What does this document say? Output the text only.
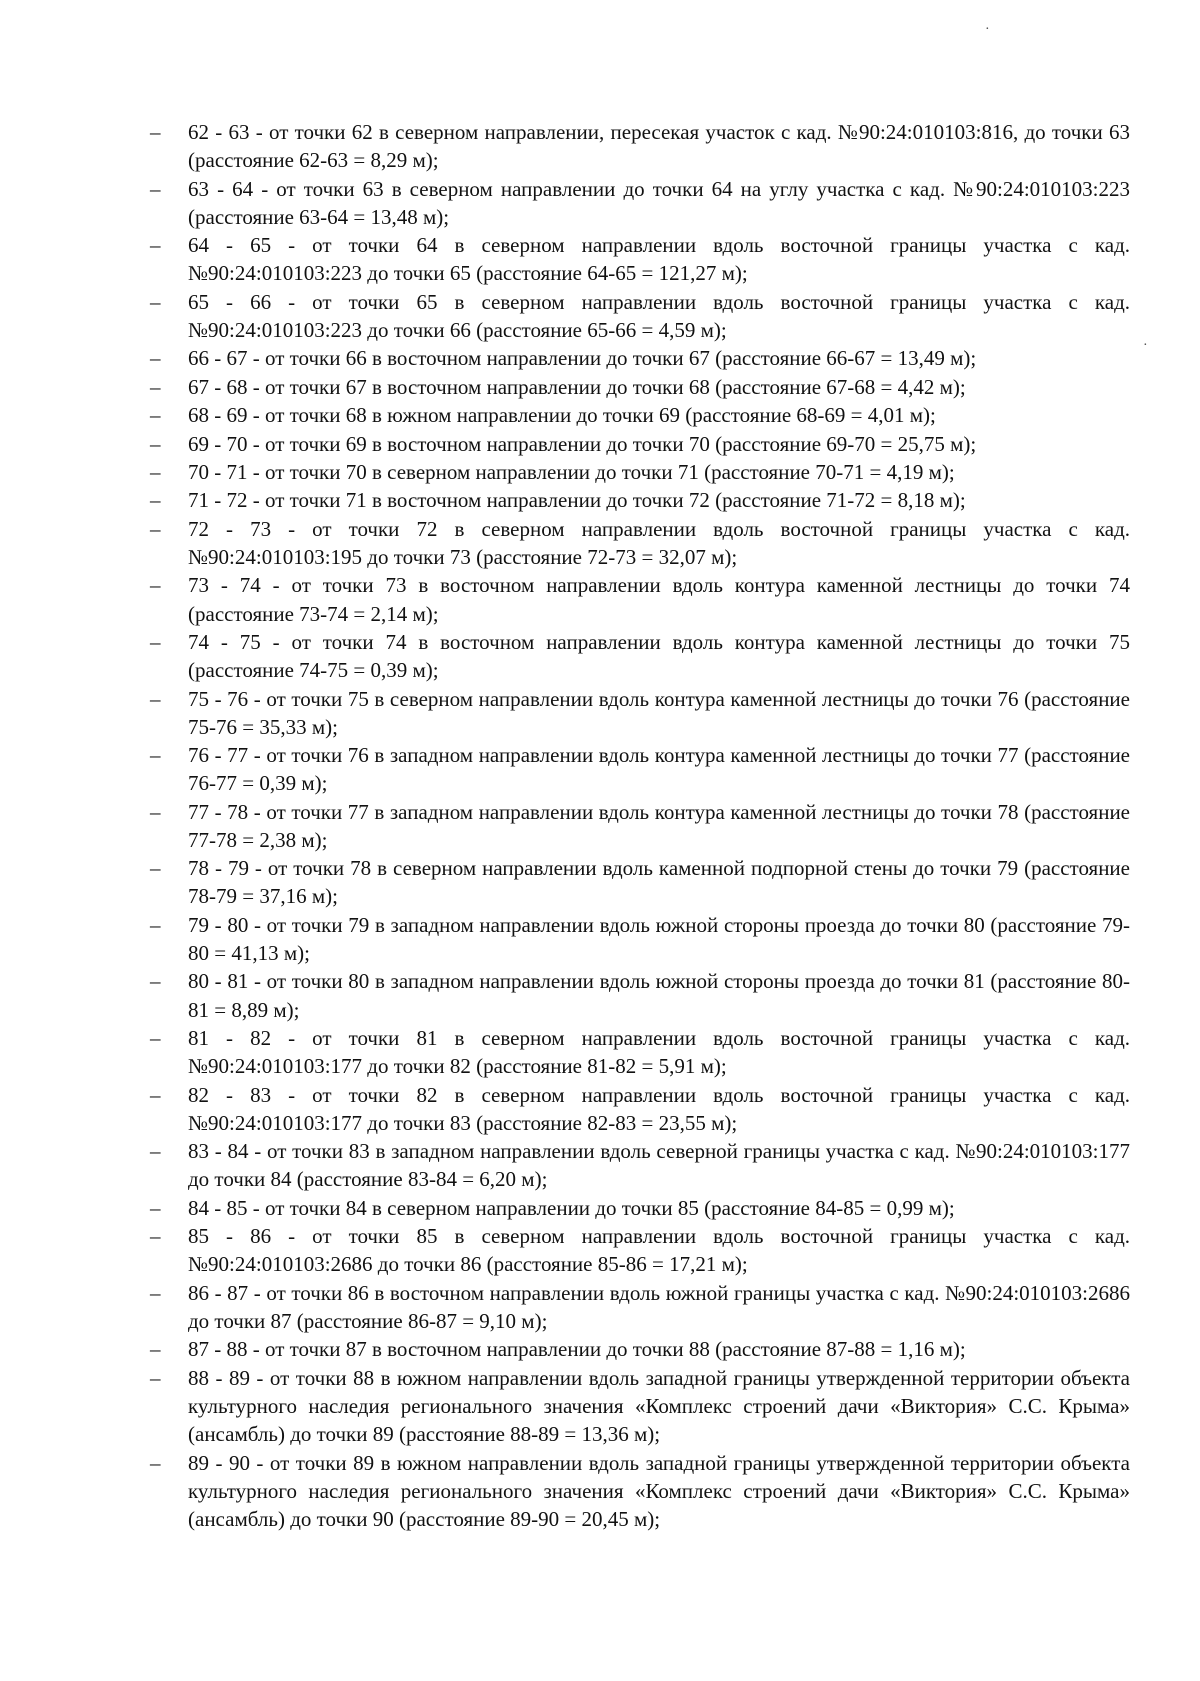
·
·
–	62 - 63 - от точки 62 в северном направлении, пересекая участок с кад. №90:24:010103:816, до точки 63 (расстояние 62-63 = 8,29 м);
–	63 - 64 - от точки 63 в северном направлении до точки 64 на углу участка с кад. №90:24:010103:223 (расстояние 63-64 = 13,48 м);
–	64 - 65 - от точки 64 в северном направлении вдоль восточной границы участка с кад. №90:24:010103:223 до точки 65 (расстояние 64-65 = 121,27 м);
–	65 - 66 - от точки 65 в северном направлении вдоль восточной границы участка с кад. №90:24:010103:223 до точки 66 (расстояние 65-66 = 4,59 м);
–	66 - 67 - от точки 66 в восточном направлении до точки 67 (расстояние 66-67 = 13,49 м);
–	67 - 68 - от точки 67 в восточном направлении до точки 68 (расстояние 67-68 = 4,42 м);
–	68 - 69 - от точки 68 в южном направлении до точки 69 (расстояние 68-69 = 4,01 м);
–	69 - 70 - от точки 69 в восточном направлении до точки 70 (расстояние 69-70 = 25,75 м);
–	70 - 71 - от точки 70 в северном направлении до точки 71 (расстояние 70-71 = 4,19 м);
–	71 - 72 - от точки 71 в восточном направлении до точки 72 (расстояние 71-72 = 8,18 м);
–	72 - 73 - от точки 72 в северном направлении вдоль восточной границы участка с кад. №90:24:010103:195 до точки 73 (расстояние 72-73 = 32,07 м);
–	73 - 74 - от точки 73 в восточном направлении вдоль контура каменной лестницы до точки 74 (расстояние 73-74 = 2,14 м);
–	74 - 75 - от точки 74 в восточном направлении вдоль контура каменной лестницы до точки 75 (расстояние 74-75 = 0,39 м);
–	75 - 76 - от точки 75 в северном направлении вдоль контура каменной лестницы до точки 76 (расстояние 75-76 = 35,33 м);
–	76 - 77 - от точки 76 в западном направлении вдоль контура каменной лестницы до точки 77 (расстояние 76-77 = 0,39 м);
–	77 - 78 - от точки 77 в западном направлении вдоль контура каменной лестницы до точки 78 (расстояние 77-78 = 2,38 м);
–	78 - 79 - от точки 78 в северном направлении вдоль каменной подпорной стены до точки 79 (расстояние 78-79 = 37,16 м);
–	79 - 80 - от точки 79 в западном направлении вдоль южной стороны проезда до точки 80 (расстояние 79-80 = 41,13 м);
–	80 - 81 - от точки 80 в западном направлении вдоль южной стороны проезда до точки 81 (расстояние 80-81 = 8,89 м);
–	81 - 82 - от точки 81 в северном направлении вдоль восточной границы участка с кад. №90:24:010103:177 до точки 82 (расстояние 81-82 = 5,91 м);
–	82 - 83 - от точки 82 в северном направлении вдоль восточной границы участка с кад. №90:24:010103:177 до точки 83 (расстояние 82-83 = 23,55 м);
–	83 - 84 - от точки 83 в западном направлении вдоль северной границы участка с кад. №90:24:010103:177 до точки 84 (расстояние 83-84 = 6,20 м);
–	84 - 85 - от точки 84 в северном направлении до точки 85 (расстояние 84-85 = 0,99 м);
–	85 - 86 - от точки 85 в северном направлении вдоль восточной границы участка с кад. №90:24:010103:2686 до точки 86 (расстояние 85-86 = 17,21 м);
–	86 - 87 - от точки 86 в восточном направлении вдоль южной границы участка с кад. №90:24:010103:2686 до точки 87 (расстояние 86-87 = 9,10 м);
–	87 - 88 - от точки 87 в восточном направлении до точки 88 (расстояние 87-88 = 1,16 м);
–	88 - 89 - от точки 88 в южном направлении вдоль западной границы утвержденной территории объекта культурного наследия регионального значения «Комплекс строений дачи «Виктория» С.С. Крыма» (ансамбль) до точки 89 (расстояние 88-89 = 13,36 м);
–	89 - 90 - от точки 89 в южном направлении вдоль западной границы утвержденной территории объекта культурного наследия регионального значения «Комплекс строений дачи «Виктория» С.С. Крыма» (ансамбль) до точки 90 (расстояние 89-90 = 20,45 м);
